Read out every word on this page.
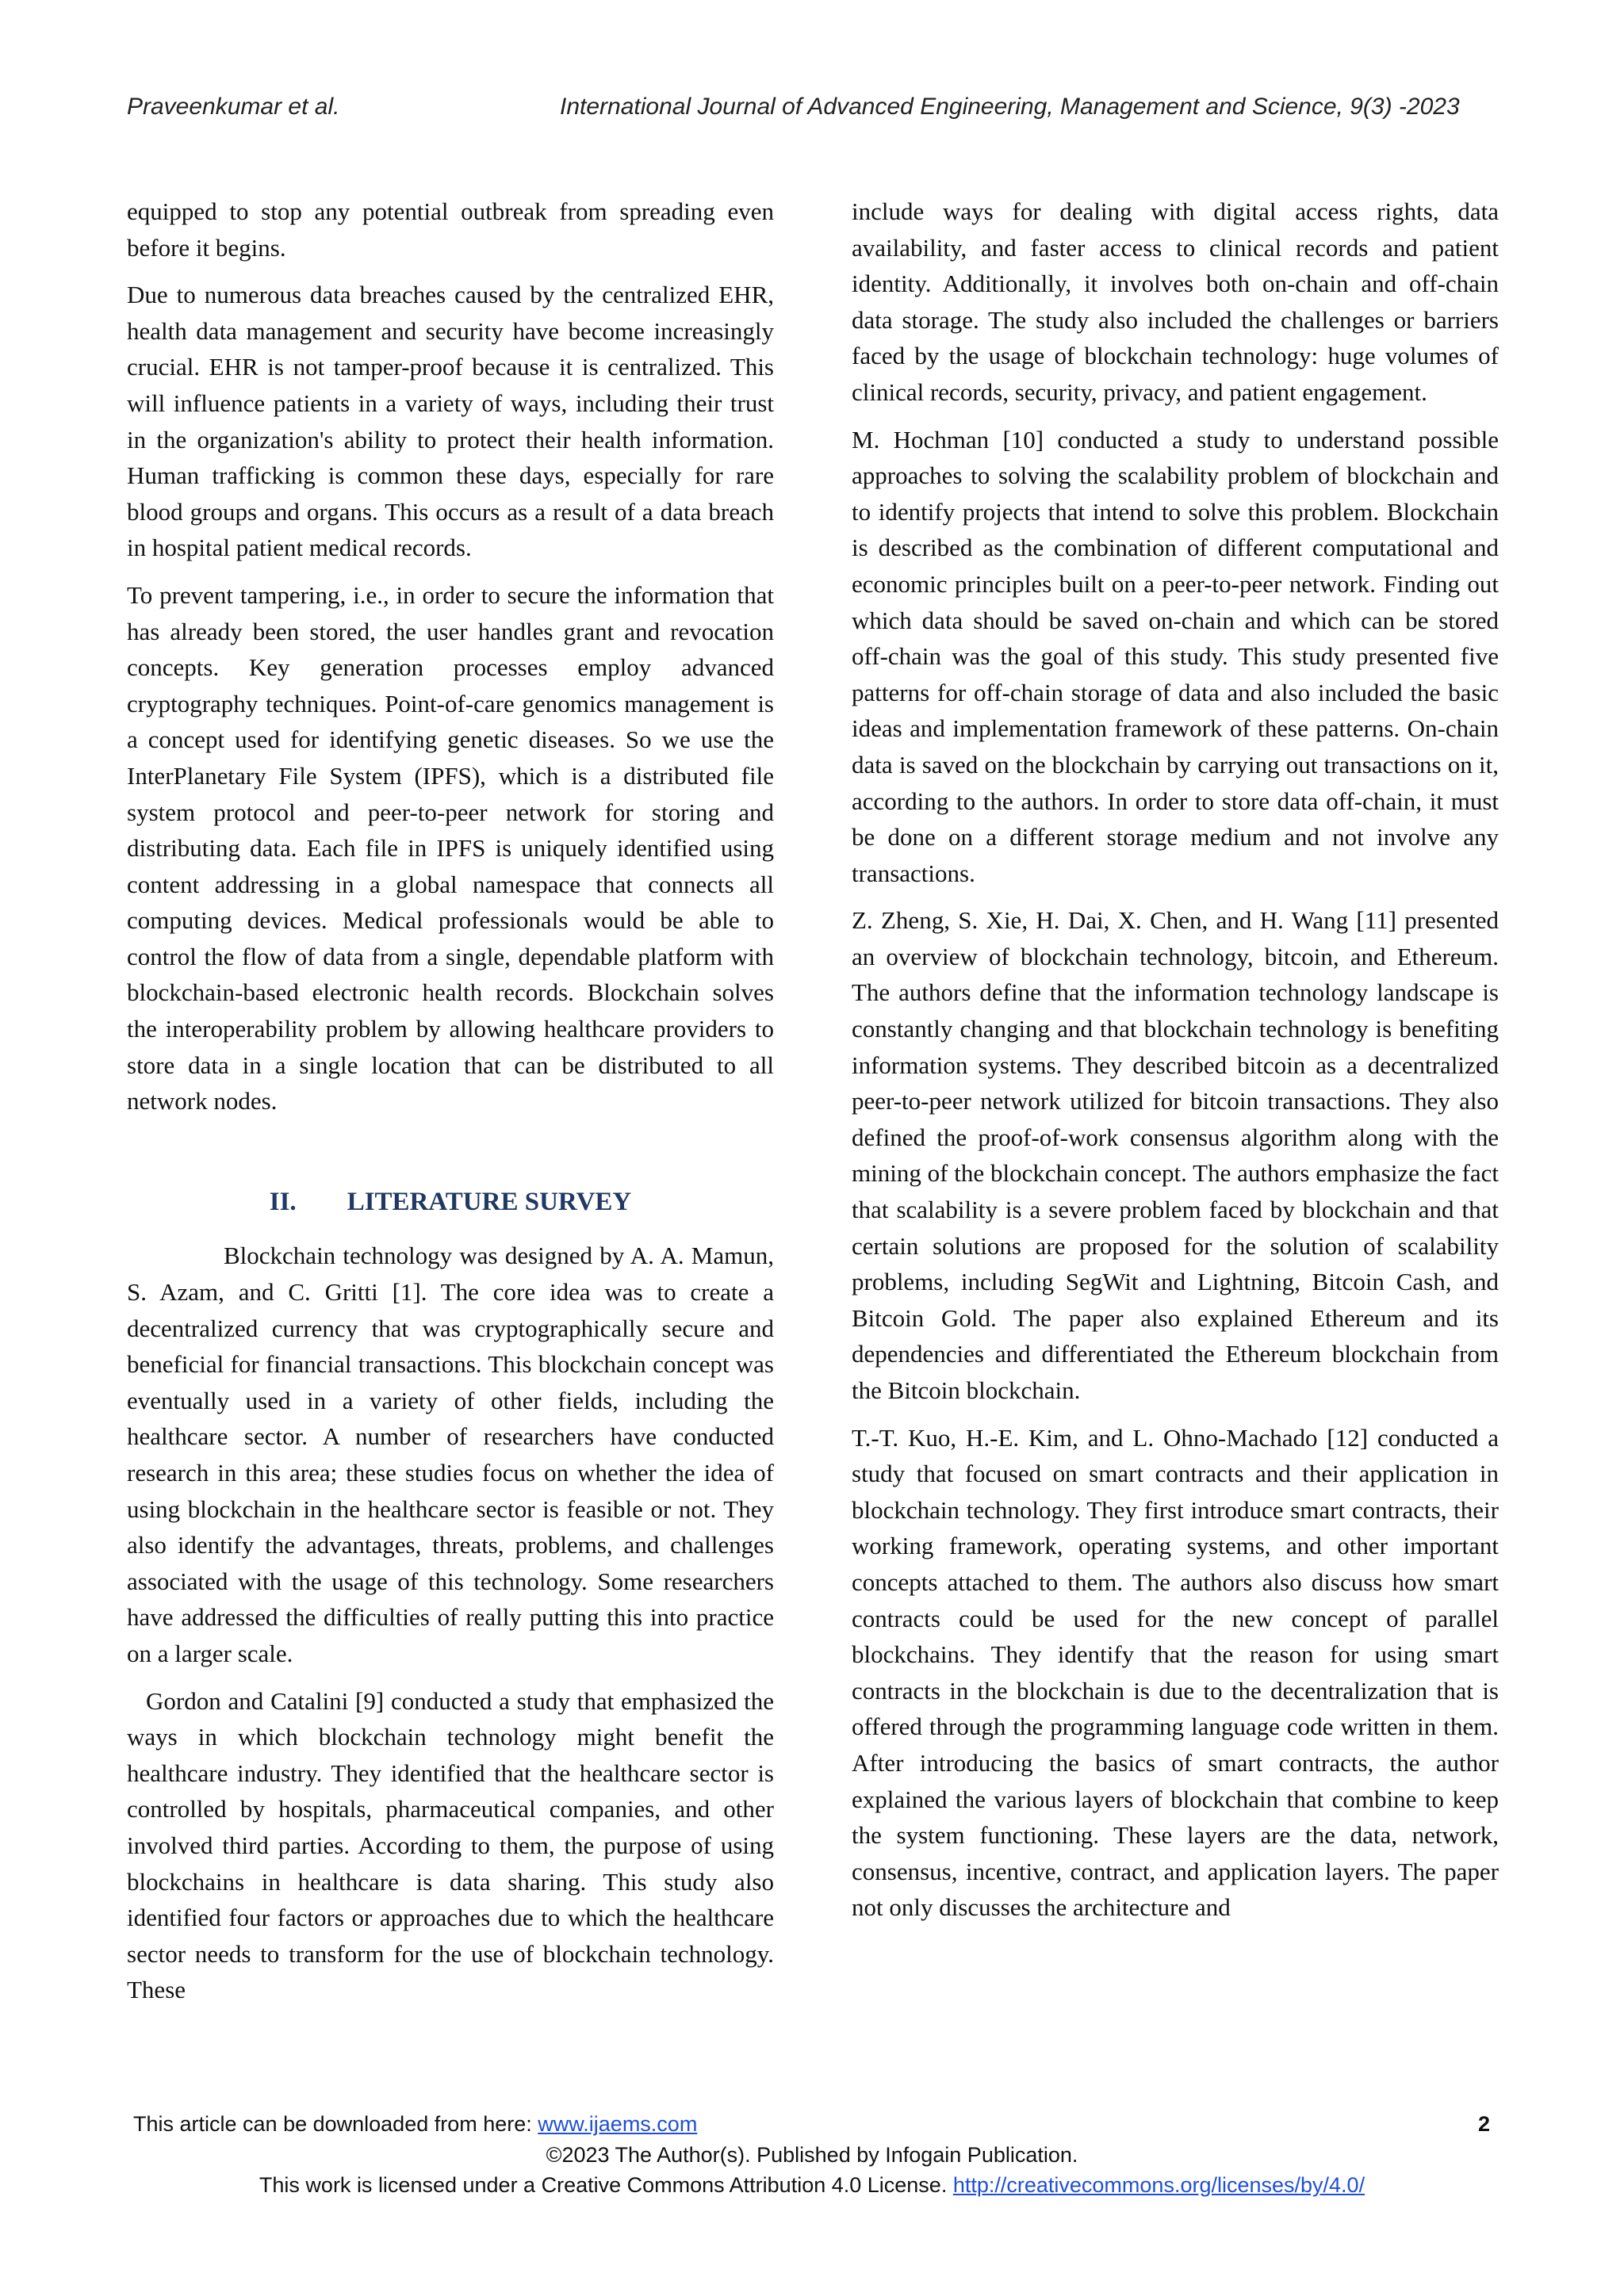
Praveenkumar et al.	International Journal of Advanced Engineering, Management and Science, 9(3) -2023

equipped to stop any potential outbreak from spreading even before it begins.

Due to numerous data breaches caused by the centralized EHR, health data management and security have become increasingly crucial. EHR is not tamper-proof because it is centralized. This will influence patients in a variety of ways, including their trust in the organization's ability to protect their health information. Human trafficking is common these days, especially for rare blood groups and organs. This occurs as a result of a data breach in hospital patient medical records.

To prevent tampering, i.e., in order to secure the information that has already been stored, the user handles grant and revocation concepts. Key generation processes employ advanced cryptography techniques. Point-of-care genomics management is a concept used for identifying genetic diseases. So we use the InterPlanetary File System (IPFS), which is a distributed file system protocol and peer-to-peer network for storing and distributing data. Each file in IPFS is uniquely identified using content addressing in a global namespace that connects all computing devices. Medical professionals would be able to control the flow of data from a single, dependable platform with blockchain-based electronic health records. Blockchain solves the interoperability problem by allowing healthcare providers to store data in a single location that can be distributed to all network nodes.

II. LITERATURE SURVEY

Blockchain technology was designed by A. A. Mamun, S. Azam, and C. Gritti [1]. The core idea was to create a decentralized currency that was cryptographically secure and beneficial for financial transactions. This blockchain concept was eventually used in a variety of other fields, including the healthcare sector. A number of researchers have conducted research in this area; these studies focus on whether the idea of using blockchain in the healthcare sector is feasible or not. They also identify the advantages, threats, problems, and challenges associated with the usage of this technology. Some researchers have addressed the difficulties of really putting this into practice on a larger scale.

Gordon and Catalini [9] conducted a study that emphasized the ways in which blockchain technology might benefit the healthcare industry. They identified that the healthcare sector is controlled by hospitals, pharmaceutical companies, and other involved third parties. According to them, the purpose of using blockchains in healthcare is data sharing. This study also identified four factors or approaches due to which the healthcare sector needs to transform for the use of blockchain technology. These

include ways for dealing with digital access rights, data availability, and faster access to clinical records and patient identity. Additionally, it involves both on-chain and off-chain data storage. The study also included the challenges or barriers faced by the usage of blockchain technology: huge volumes of clinical records, security, privacy, and patient engagement.

M. Hochman [10] conducted a study to understand possible approaches to solving the scalability problem of blockchain and to identify projects that intend to solve this problem. Blockchain is described as the combination of different computational and economic principles built on a peer-to-peer network. Finding out which data should be saved on-chain and which can be stored off-chain was the goal of this study. This study presented five patterns for off-chain storage of data and also included the basic ideas and implementation framework of these patterns. On-chain data is saved on the blockchain by carrying out transactions on it, according to the authors. In order to store data off-chain, it must be done on a different storage medium and not involve any transactions.

Z. Zheng, S. Xie, H. Dai, X. Chen, and H. Wang [11] presented an overview of blockchain technology, bitcoin, and Ethereum. The authors define that the information technology landscape is constantly changing and that blockchain technology is benefiting information systems. They described bitcoin as a decentralized peer-to-peer network utilized for bitcoin transactions. They also defined the proof-of-work consensus algorithm along with the mining of the blockchain concept. The authors emphasize the fact that scalability is a severe problem faced by blockchain and that certain solutions are proposed for the solution of scalability problems, including SegWit and Lightning, Bitcoin Cash, and Bitcoin Gold. The paper also explained Ethereum and its dependencies and differentiated the Ethereum blockchain from the Bitcoin blockchain.

T.-T. Kuo, H.-E. Kim, and L. Ohno-Machado [12] conducted a study that focused on smart contracts and their application in blockchain technology. They first introduce smart contracts, their working framework, operating systems, and other important concepts attached to them. The authors also discuss how smart contracts could be used for the new concept of parallel blockchains. They identify that the reason for using smart contracts in the blockchain is due to the decentralization that is offered through the programming language code written in them. After introducing the basics of smart contracts, the author explained the various layers of blockchain that combine to keep the system functioning. These layers are the data, network, consensus, incentive, contract, and application layers. The paper not only discusses the architecture and

This article can be downloaded from here: www.ijaems.com	2
©2023 The Author(s). Published by Infogain Publication.
This work is licensed under a Creative Commons Attribution 4.0 License. http://creativecommons.org/licenses/by/4.0/
